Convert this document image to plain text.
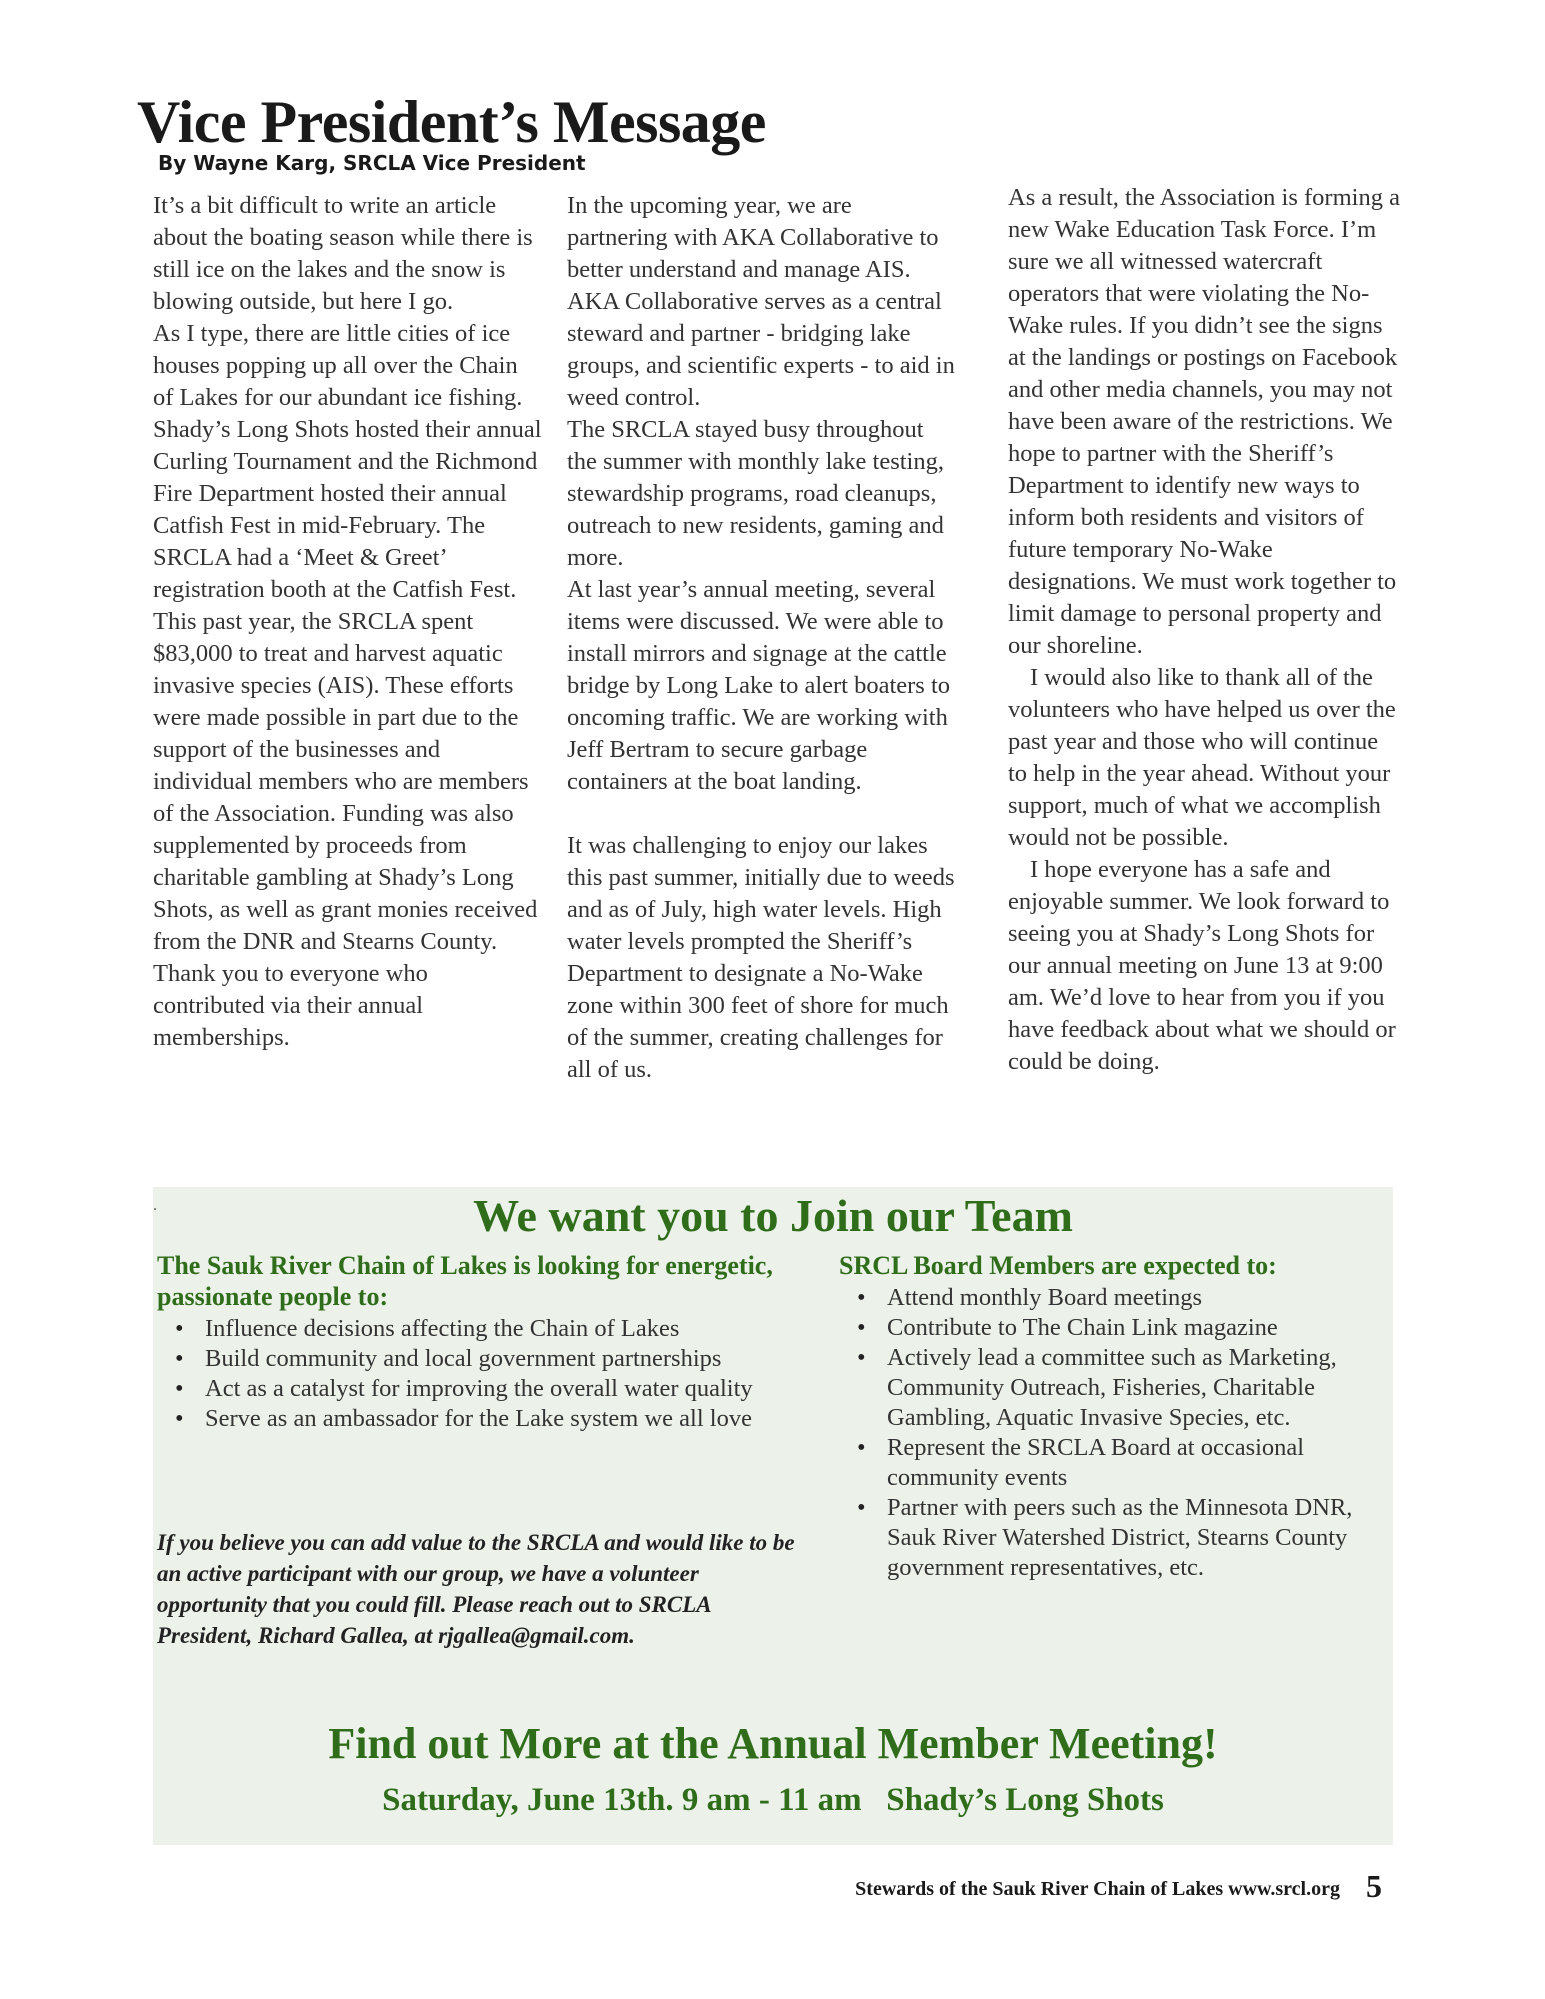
Vice President’s Message
By Wayne Karg, SRCLA Vice President

It’s a bit difficult to write an article about the boating season while there is still ice on the lakes and the snow is blowing outside, but here I go.

As I type, there are little cities of ice houses popping up all over the Chain of Lakes for our abundant ice fishing. Shady’s Long Shots hosted their annual Curling Tournament and the Richmond Fire Department hosted their annual Catfish Fest in mid-February. The SRCLA had a ‘Meet & Greet’ registration booth at the Catfish Fest.

This past year, the SRCLA spent $83,000 to treat and harvest aquatic invasive species (AIS). These efforts were made possible in part due to the support of the businesses and individual members who are members of the Association. Funding was also supplemented by proceeds from charitable gambling at Shady’s Long Shots, as well as grant monies received from the DNR and Stearns County. Thank you to everyone who contributed via their annual memberships.

In the upcoming year, we are partnering with AKA Collaborative to better understand and manage AIS. AKA Collaborative serves as a central steward and partner - bridging lake groups, and scientific experts - to aid in weed control.

The SRCLA stayed busy throughout the summer with monthly lake testing, stewardship programs, road cleanups, outreach to new residents, gaming and more.

At last year’s annual meeting, several items were discussed. We were able to install mirrors and signage at the cattle bridge by Long Lake to alert boaters to oncoming traffic. We are working with Jeff Bertram to secure garbage containers at the boat landing.

It was challenging to enjoy our lakes this past summer, initially due to weeds and as of July, high water levels. High water levels prompted the Sheriff’s Department to designate a No-Wake zone within 300 feet of shore for much of the summer, creating challenges for all of us.

As a result, the Association is forming a new Wake Education Task Force. I’m sure we all witnessed watercraft operators that were violating the No-Wake rules. If you didn’t see the signs at the landings or postings on Facebook and other media channels, you may not have been aware of the restrictions. We hope to partner with the Sheriff’s Department to identify new ways to inform both residents and visitors of future temporary No-Wake designations. We must work together to limit damage to personal property and our shoreline.

I would also like to thank all of the volunteers who have helped us over the past year and those who will continue to help in the year ahead. Without your support, much of what we accomplish would not be possible.

I hope everyone has a safe and enjoyable summer. We look forward to seeing you at Shady’s Long Shots for our annual meeting on June 13 at 9:00 am. We’d love to hear from you if you have feedback about what we should or could be doing.

We want you to Join our Team

The Sauk River Chain of Lakes is looking for energetic, passionate people to:

• Influence decisions affecting the Chain of Lakes
• Build community and local government partnerships
• Act as a catalyst for improving the overall water quality
• Serve as an ambassador for the Lake system we all love

SRCL Board Members are expected to:

• Attend monthly Board meetings
• Contribute to The Chain Link magazine
• Actively lead a committee such as Marketing, Community Outreach, Fisheries, Charitable Gambling, Aquatic Invasive Species, etc.
• Represent the SRCLA Board at occasional community events
• Partner with peers such as the Minnesota DNR, Sauk River Watershed District, Stearns County government representatives, etc.
If you believe you can add value to the SRCLA and would like to be an active participant with our group, we have a volunteer opportunity that you could fill. Please reach out to SRCLA President, Richard Gallea, at rjgallea@gmail.com.
Find out More at the Annual Member Meeting!
Saturday, June 13th. 9 am - 11 am   Shady’s Long Shots
.
Stewards of the Sauk River Chain of Lakes www.srcl.org 5
